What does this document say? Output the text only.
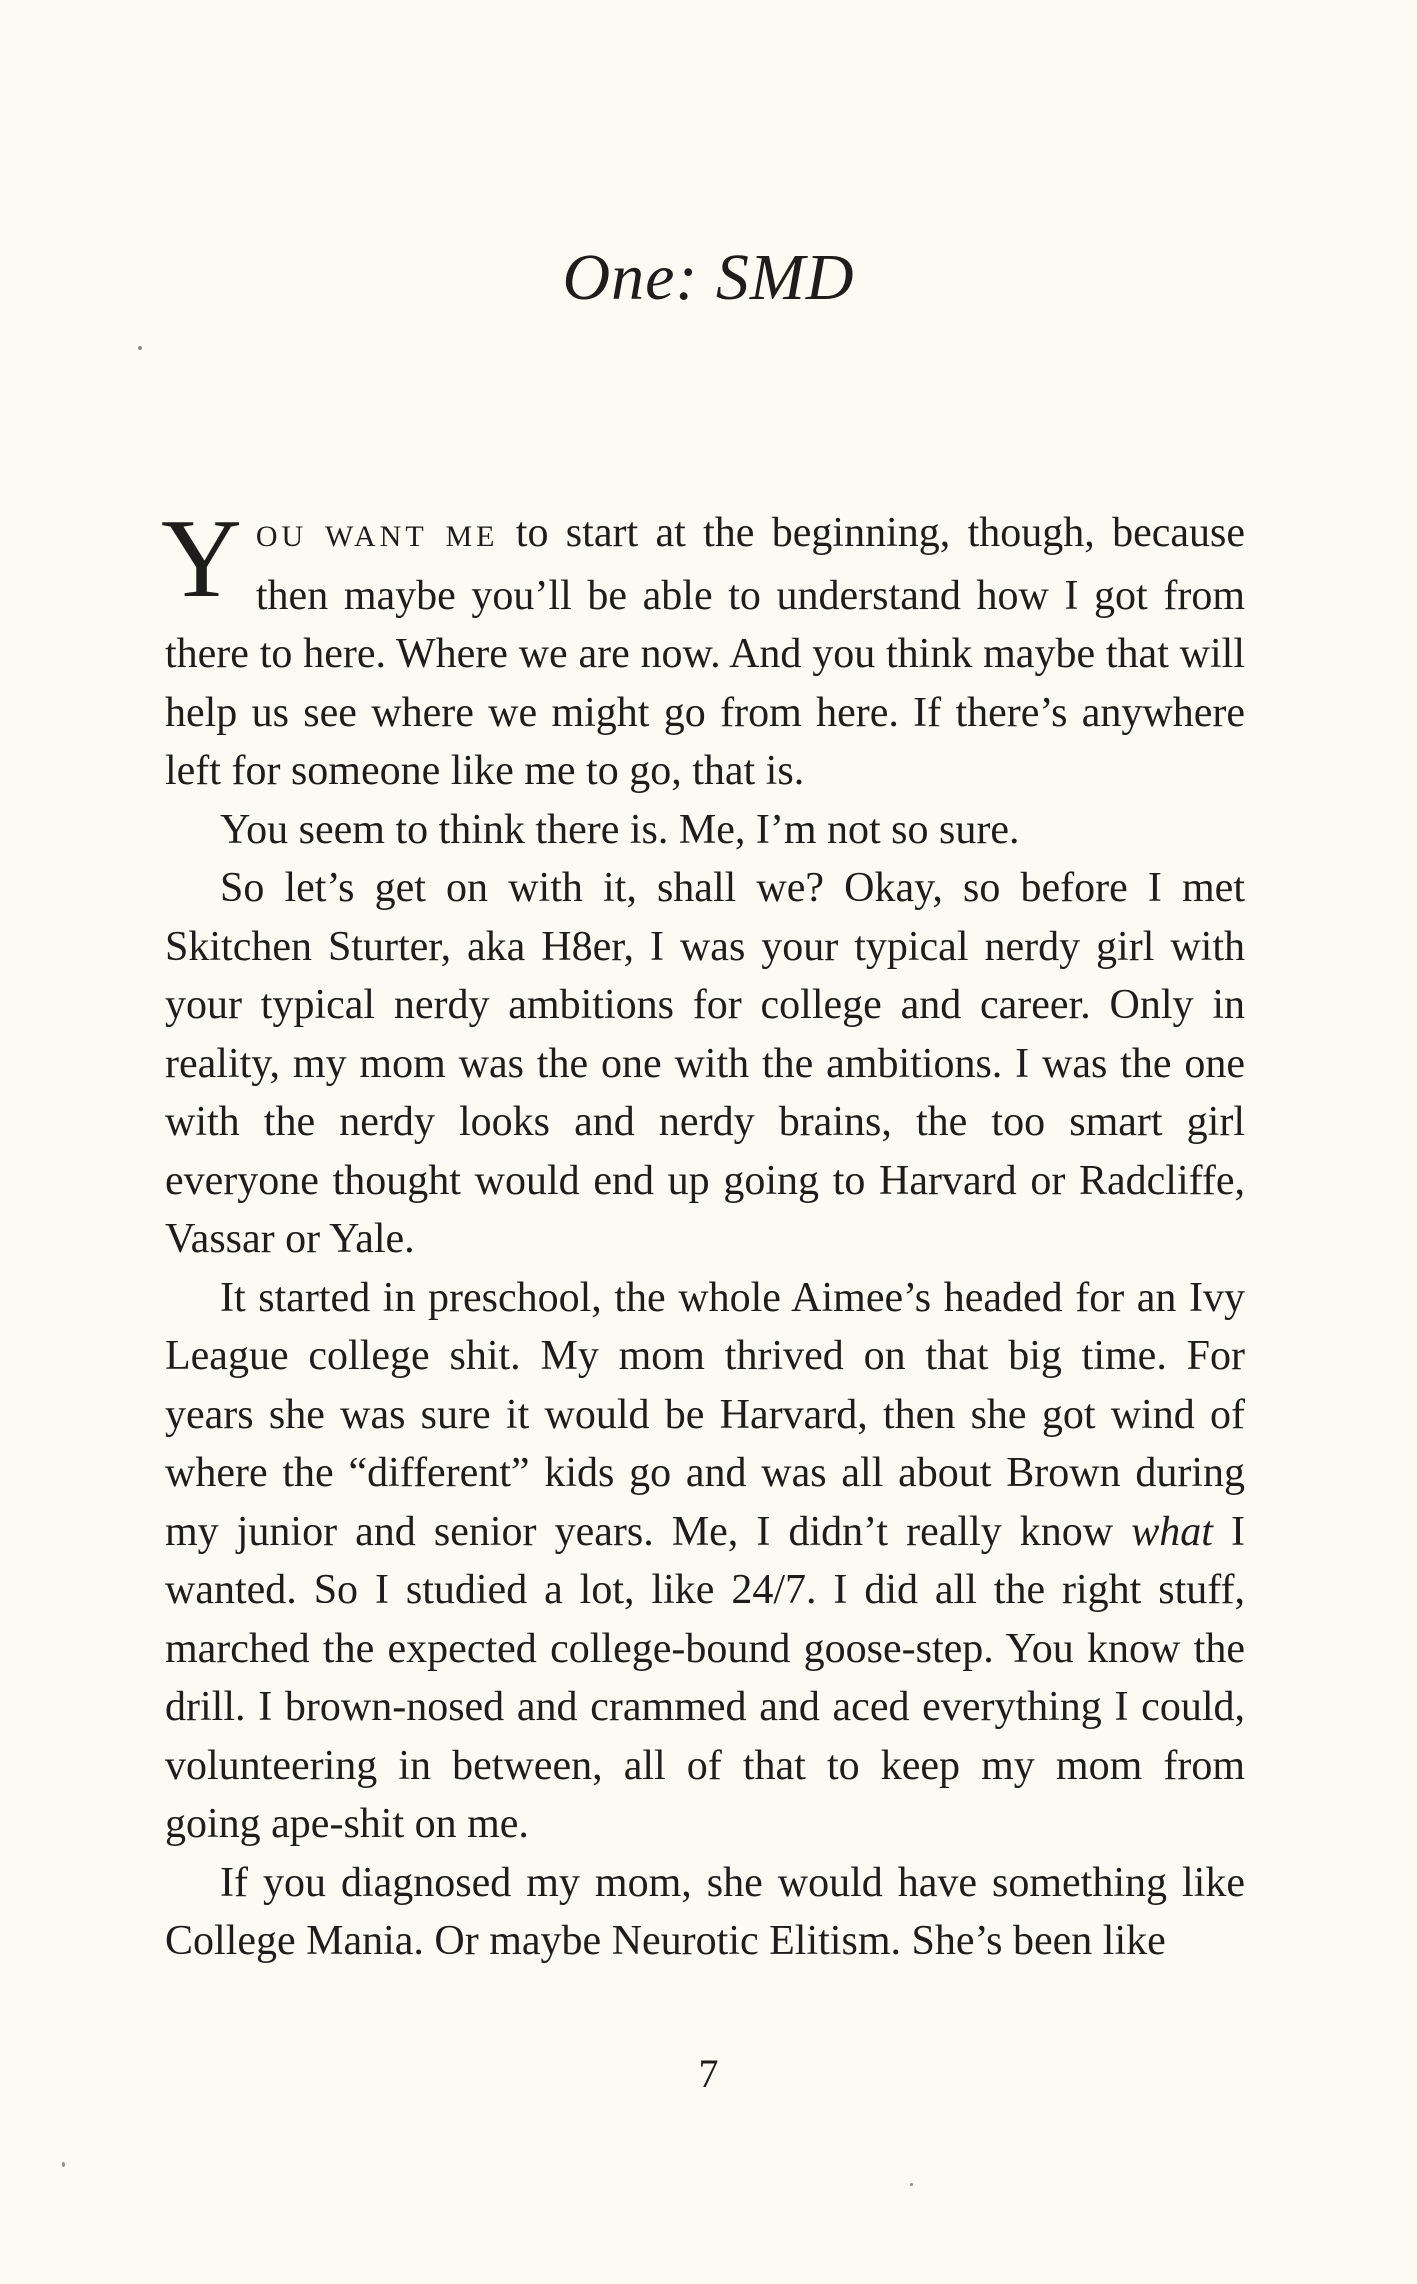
One: SMD

YOU WANT ME to start at the beginning, though, because then maybe you’ll be able to understand how I got from there to here. Where we are now. And you think maybe that will help us see where we might go from here. If there’s anywhere left for someone like me to go, that is.

You seem to think there is. Me, I’m not so sure.

So let’s get on with it, shall we? Okay, so before I met Skitchen Sturter, aka H8er, I was your typical nerdy girl with your typical nerdy ambitions for college and career. Only in reality, my mom was the one with the ambitions. I was the one with the nerdy looks and nerdy brains, the too smart girl everyone thought would end up going to Harvard or Radcliffe, Vassar or Yale.

It started in preschool, the whole Aimee’s headed for an Ivy League college shit. My mom thrived on that big time. For years she was sure it would be Harvard, then she got wind of where the “different” kids go and was all about Brown during my junior and senior years. Me, I didn’t really know what I wanted. So I studied a lot, like 24/7. I did all the right stuff, marched the expected college-bound goose-step. You know the drill. I brown-nosed and crammed and aced everything I could, volunteering in between, all of that to keep my mom from going ape-shit on me.

If you diagnosed my mom, she would have something like College Mania. Or maybe Neurotic Elitism. She’s been like

7
